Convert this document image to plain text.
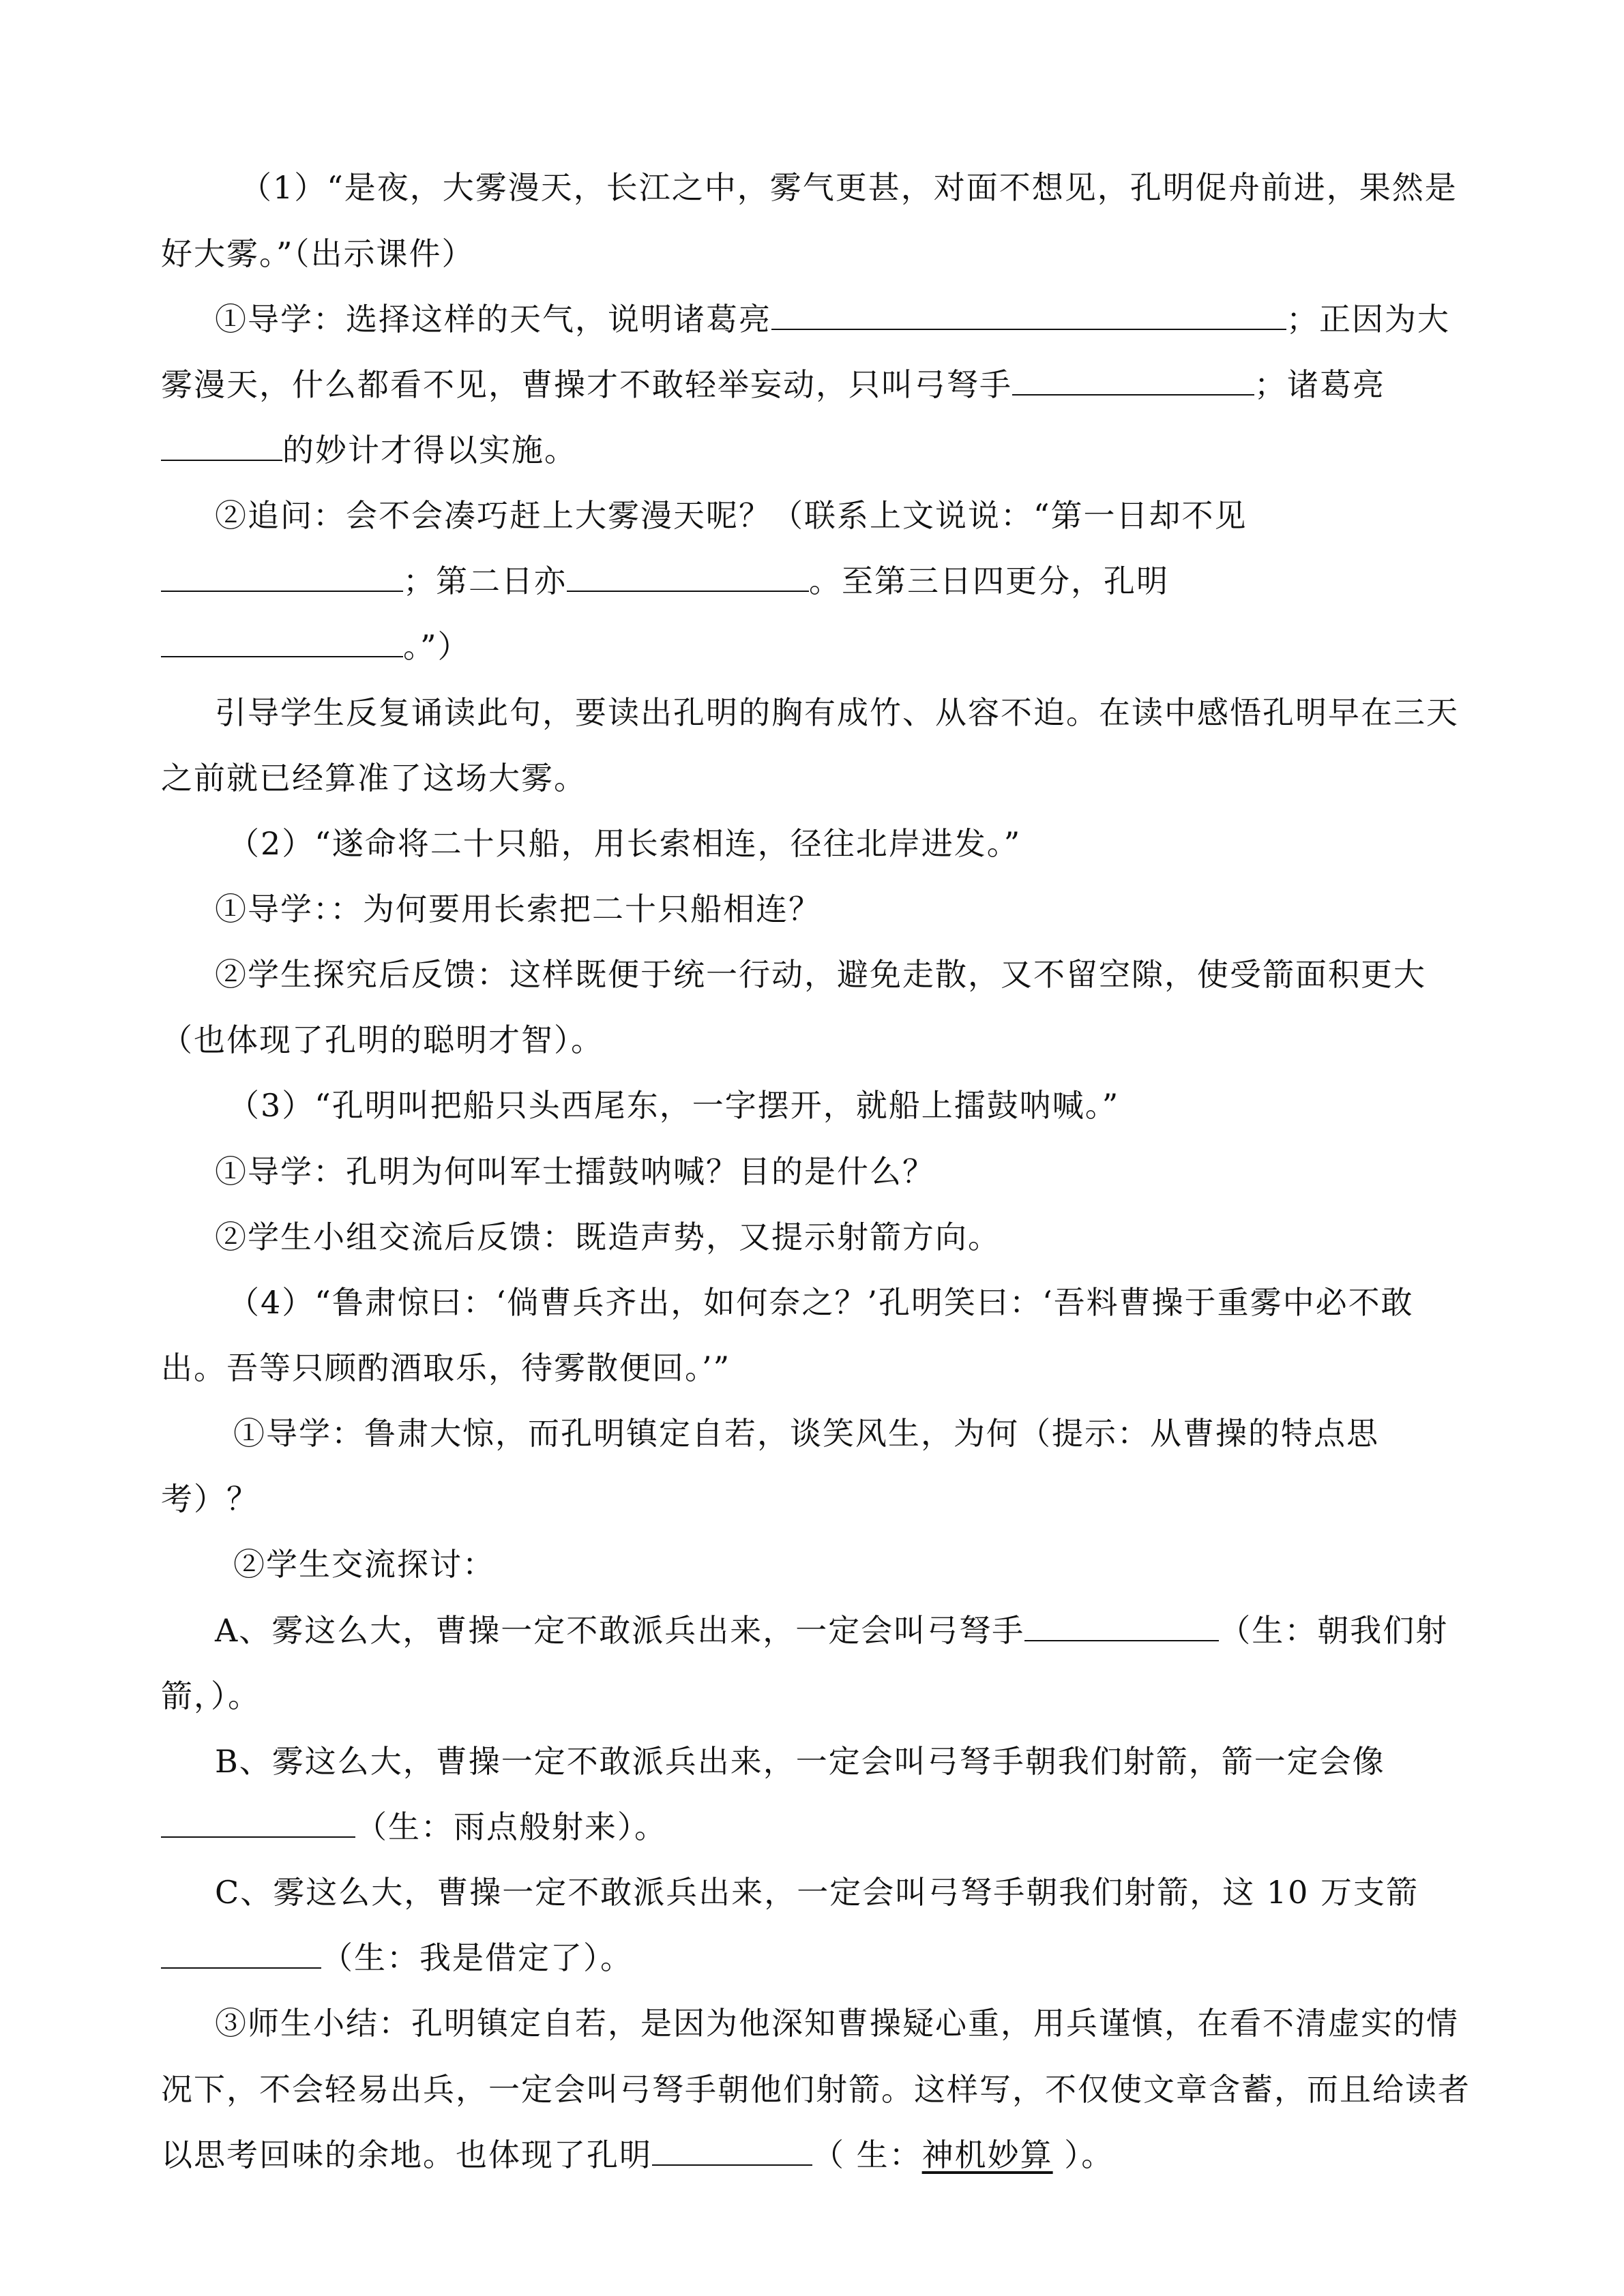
（1）“是夜，大雾漫天，长江之中，雾气更甚，对面不想见，孔明促舟前进，果然是
好大雾。”（出示课件）
①导学：选择这样的天气，说明诸葛亮	；正因为大
雾漫天，什么都看不见，曹操才不敢轻举妄动，只叫弓弩手	；诸葛亮
的妙计才得以实施。
②追问：会不会凑巧赶上大雾漫天呢？（联系上文说说：“第一日却不见
；第二日亦	。至第三日四更分，孔明
。”）
引导学生反复诵读此句，要读出孔明的胸有成竹、从容不迫。在读中感悟孔明早在三天
之前就已经算准了这场大雾。
（2）“遂命将二十只船，用长索相连，径往北岸进发。”
①导学：：为何要用长索把二十只船相连？
②学生探究后反馈：这样既便于统一行动，避免走散，又不留空隙，使受箭面积更大
（也体现了孔明的聪明才智）。
（3）“孔明叫把船只头西尾东，一字摆开，就船上擂鼓呐喊。”
①导学：孔明为何叫军士擂鼓呐喊？目的是什么？
②学生小组交流后反馈：既造声势，又提示射箭方向。
（4）“鲁肃惊曰：‘倘曹兵齐出，如何奈之？’孔明笑曰：‘吾料曹操于重雾中必不敢
出。吾等只顾酌酒取乐，待雾散便回。’”
①导学：鲁肃大惊，而孔明镇定自若，谈笑风生，为何（提示：从曹操的特点思
考）？
②学生交流探讨：
A、雾这么大，曹操一定不敢派兵出来，一定会叫弓弩手	（生：朝我们射
箭，）。
B、雾这么大，曹操一定不敢派兵出来，一定会叫弓弩手朝我们射箭，箭一定会像
（生：雨点般射来）。
C、雾这么大，曹操一定不敢派兵出来，一定会叫弓弩手朝我们射箭，这 10 万支箭
（生：我是借定了）。
③师生小结：孔明镇定自若，是因为他深知曹操疑心重，用兵谨慎，在看不清虚实的情
况下，不会轻易出兵，一定会叫弓弩手朝他们射箭。这样写，不仅使文章含蓄，而且给读者
以思考回味的余地。也体现了孔明	（ 生：神机妙算 ）。
